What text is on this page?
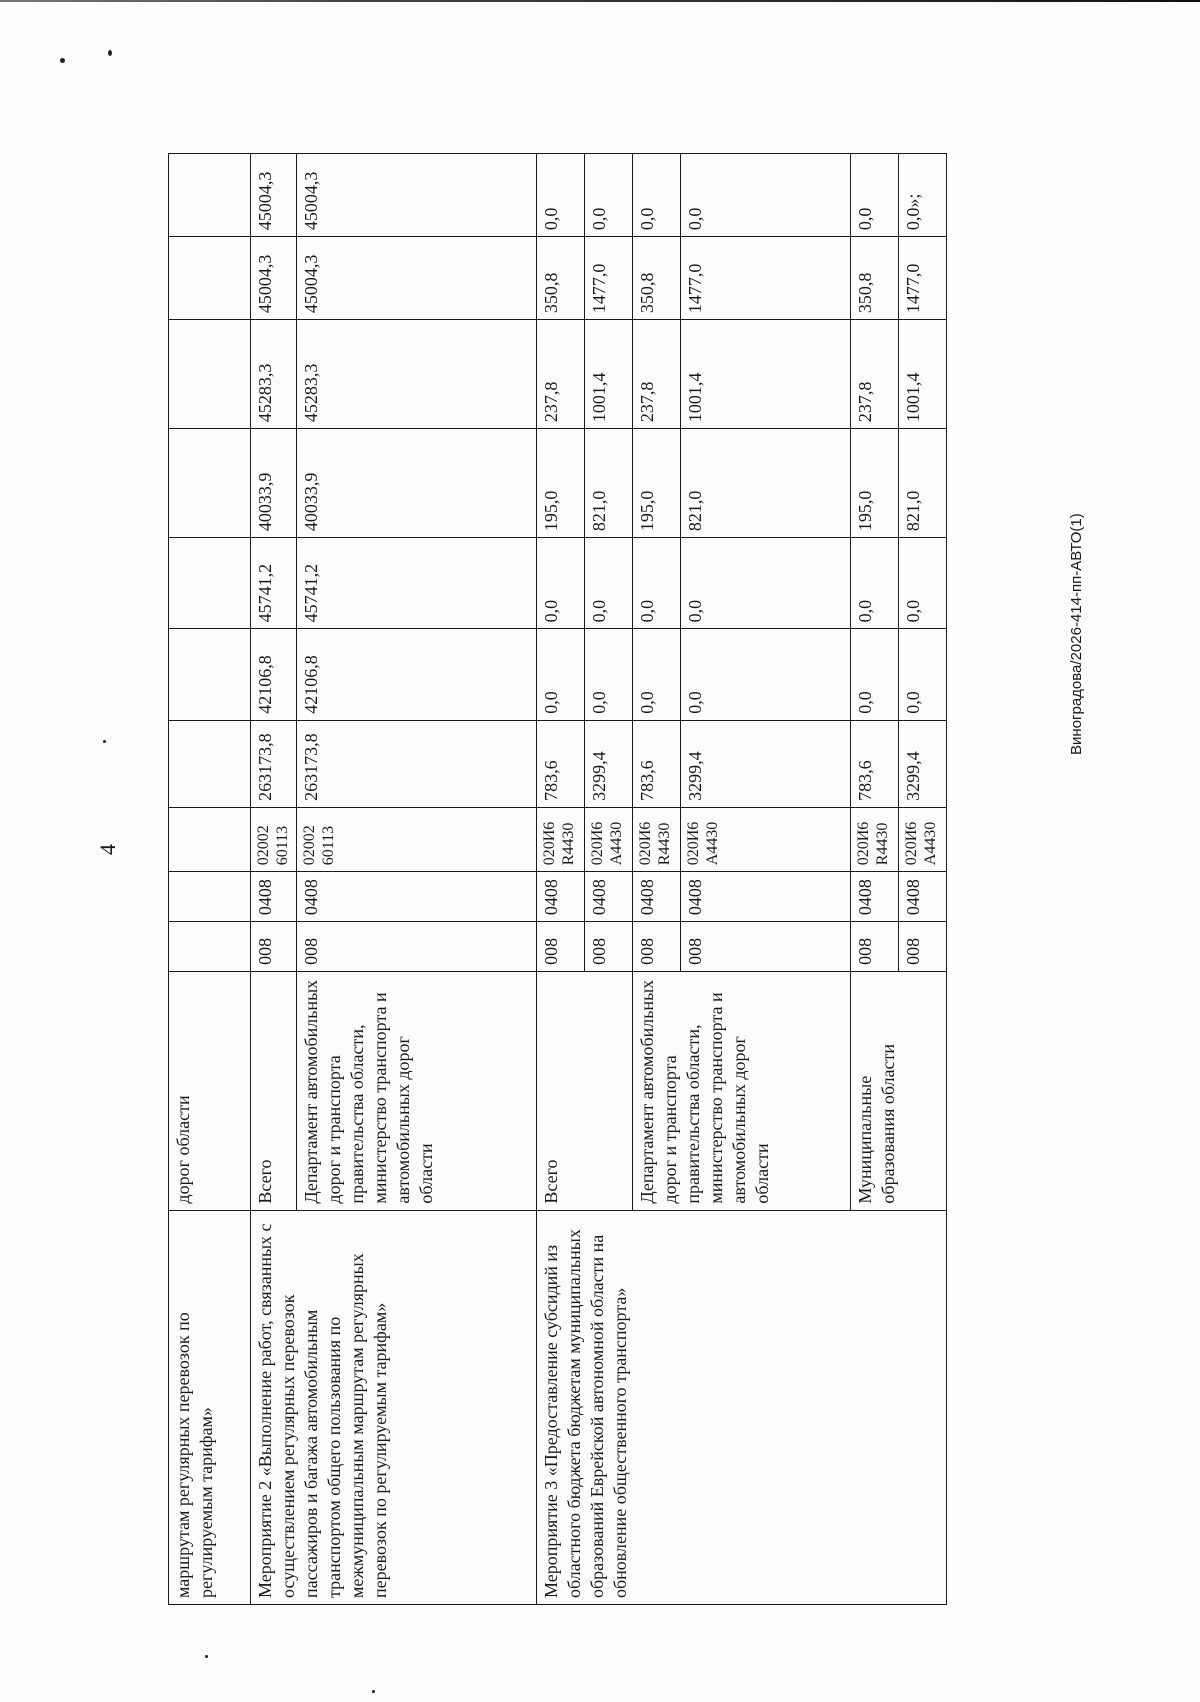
4
Виноградова/2026-414-пп-АВТО(1)
маршрутам регулярных перевозок по регулируемым тарифам»	дорог области										
Мероприятие 2 «Выполнение работ, связанных с осуществлением регулярных перевозок пассажиров и багажа автомобильным транспортом общего пользования по межмуниципальным маршрутам регулярных перевозок по регулируемым тарифам»	Всего	008	0408	02002 60113	263173,8	42106,8	45741,2	40033,9	45283,3	45004,3	45004,3
	Департамент автомобильных дорог и транспорта правительства области, министерство транспорта и автомобильных дорог области	008	0408	02002 60113	263173,8	42106,8	45741,2	40033,9	45283,3	45004,3	45004,3
Мероприятие 3 «Предоставление субсидий из областного бюджета бюджетам муниципальных образований Еврейской автономной области на обновление общественного транспорта»	Всего	008	0408	020И6 R4430	783,6	0,0	0,0	195,0	237,8	350,8	0,0
		008	0408	020И6 А4430	3299,4	0,0	0,0	821,0	1001,4	1477,0	0,0
	Департамент автомобильных дорог и транспорта правительства области, министерство транспорта и автомобильных дорог области	008	0408	020И6 R4430	783,6	0,0	0,0	195,0	237,8	350,8	0,0
		008	0408	020И6 А4430	3299,4	0,0	0,0	821,0	1001,4	1477,0	0,0
	Муниципальные образования области	008	0408	020И6 R4430	783,6	0,0	0,0	195,0	237,8	350,8	0,0
		008	0408	020И6 А4430	3299,4	0,0	0,0	821,0	1001,4	1477,0	0,0»;
